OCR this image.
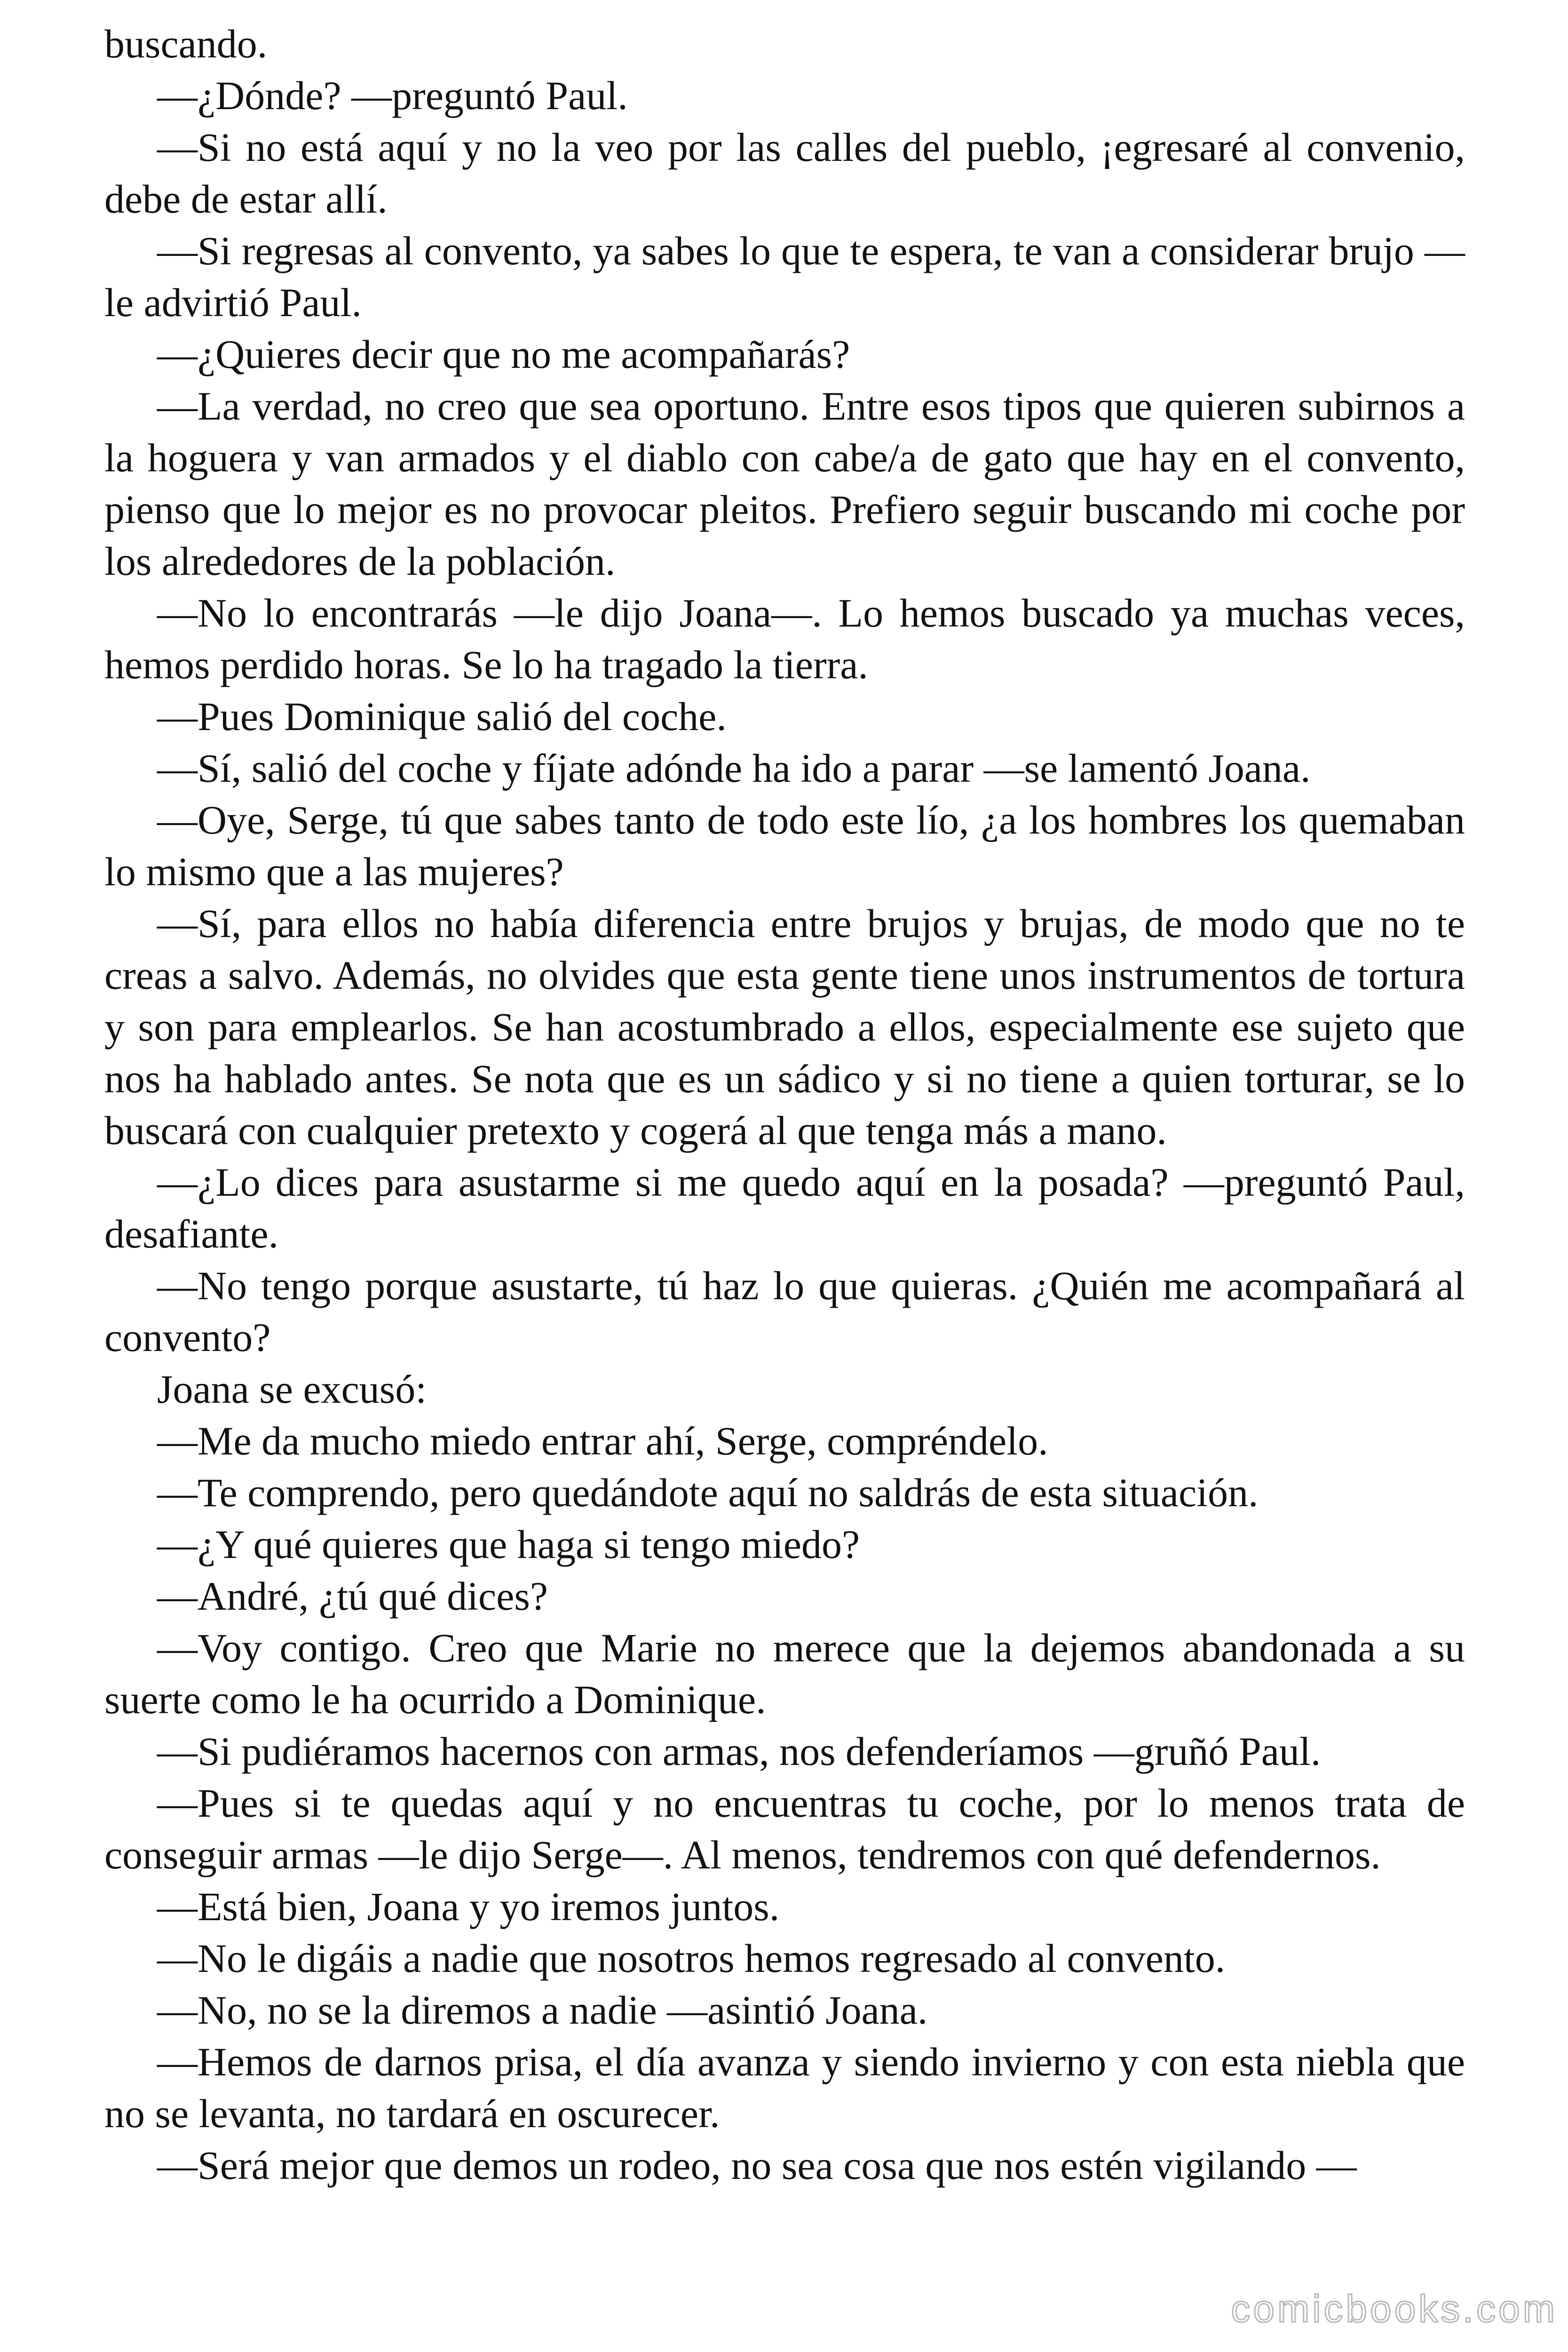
buscando.

—¿Dónde? —preguntó Paul.

—Si no está aquí y no la veo por las calles del pueblo, ¡egresaré al convenio, debe de estar allí.

—Si regresas al convento, ya sabes lo que te espera, te van a considerar brujo —le advirtió Paul.

—¿Quieres decir que no me acompañarás?

—La verdad, no creo que sea oportuno. Entre esos tipos que quieren subirnos a la hoguera y van armados y el diablo con cabe/a de gato que hay en el convento, pienso que lo mejor es no provocar pleitos. Prefiero seguir buscando mi coche por los alrededores de la población.

—No lo encontrarás —le dijo Joana—. Lo hemos buscado ya muchas veces, hemos perdido horas. Se lo ha tragado la tierra.

—Pues Dominique salió del coche.

—Sí, salió del coche y fíjate adónde ha ido a parar —se lamentó Joana.

—Oye, Serge, tú que sabes tanto de todo este lío, ¿a los hombres los quemaban lo mismo que a las mujeres?

—Sí, para ellos no había diferencia entre brujos y brujas, de modo que no te creas a salvo. Además, no olvides que esta gente tiene unos instrumentos de tortura y son para emplearlos. Se han acostumbrado a ellos, especialmente ese sujeto que nos ha hablado antes. Se nota que es un sádico y si no tiene a quien torturar, se lo buscará con cualquier pretexto y cogerá al que tenga más a mano.

—¿Lo dices para asustarme si me quedo aquí en la posada? —preguntó Paul, desafiante.

—No tengo porque asustarte, tú haz lo que quieras. ¿Quién me acompañará al convento?

Joana se excusó:

—Me da mucho miedo entrar ahí, Serge, compréndelo.

—Te comprendo, pero quedándote aquí no saldrás de esta situación.

—¿Y qué quieres que haga si tengo miedo?

—André, ¿tú qué dices?

—Voy contigo. Creo que Marie no merece que la dejemos abandonada a su suerte como le ha ocurrido a Dominique.

—Si pudiéramos hacernos con armas, nos defenderíamos —gruñó Paul.

—Pues si te quedas aquí y no encuentras tu coche, por lo menos trata de conseguir armas —le dijo Serge—. Al menos, tendremos con qué defendernos.

—Está bien, Joana y yo iremos juntos.

—No le digáis a nadie que nosotros hemos regresado al convento.

—No, no se la diremos a nadie —asintió Joana.

—Hemos de darnos prisa, el día avanza y siendo invierno y con esta niebla que no se levanta, no tardará en oscurecer.

—Será mejor que demos un rodeo, no sea cosa que nos estén vigilando —

comicbooks.com
